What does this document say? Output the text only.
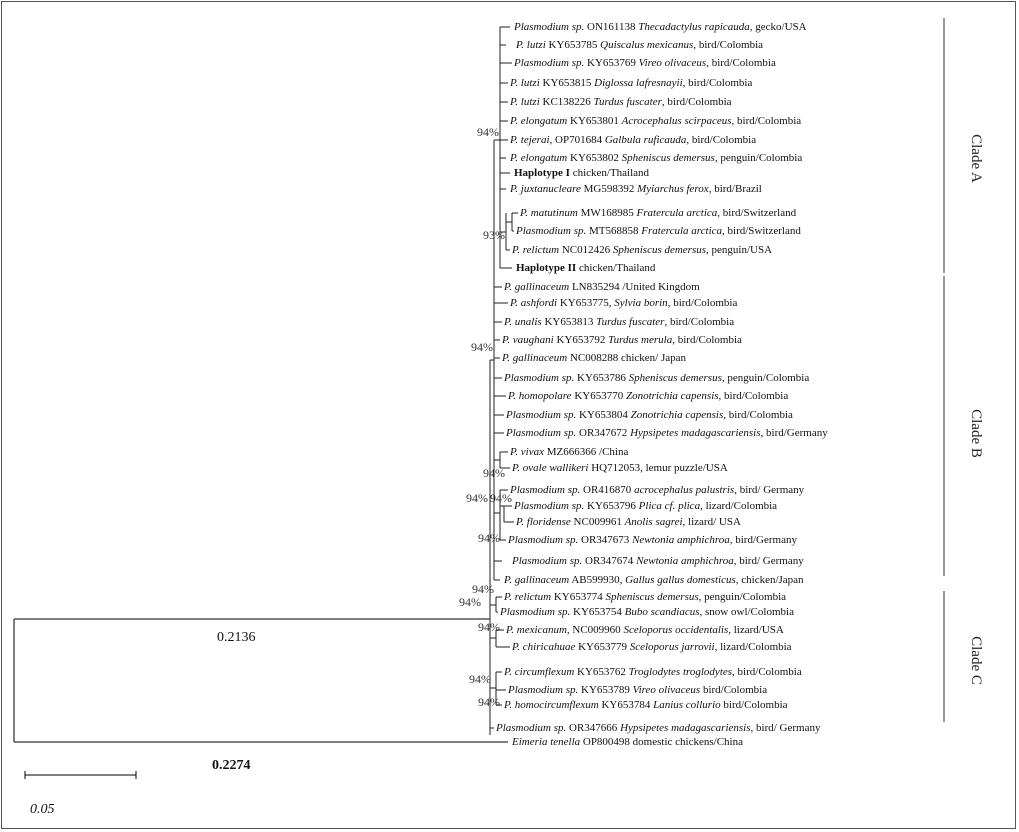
Plasmodium sp. ON161138 Thecadactylus rapicauda, gecko/USA
P. lutzi KY653785 Quiscalus mexicanus, bird/Colombia
Plasmodium sp. KY653769 Vireo olivaceus, bird/Colombia
P. lutzi KY653815 Diglossa lafresnayii, bird/Colombia
P. lutzi KC138226 Turdus fuscater, bird/Colombia
P. elongatum KY653801 Acrocephalus scirpaceus, bird/Colombia
P. tejerai, OP701684 Galbula ruficauda, bird/Colombia
P. elongatum KY653802 Spheniscus demersus, penguin/Colombia
Haplotype I chicken/Thailand
P. juxtanucleare MG598392 Myiarchus ferox, bird/Brazil
P. matutinum MW168985 Fratercula arctica, bird/Switzerland
Plasmodium sp. MT568858 Fratercula arctica, bird/Switzerland
P. relictum NC012426 Spheniscus demersus, penguin/USA
Haplotype II chicken/Thailand
P. gallinaceum LN835294 /United Kingdom
P. ashfordi KY653775, Sylvia borin, bird/Colombia
P. unalis KY653813 Turdus fuscater, bird/Colombia
P. vaughani KY653792 Turdus merula, bird/Colombia
P. gallinaceum NC008288 chicken/ Japan
Plasmodium sp. KY653786 Spheniscus demersus, penguin/Colombia
P. homopolare KY653770 Zonotrichia capensis, bird/Colombia
Plasmodium sp. KY653804 Zonotrichia capensis, bird/Colombia
Plasmodium sp. OR347672 Hypsipetes madagascariensis, bird/Germany
P. vivax MZ666366 /China
P. ovale wallikeri HQ712053, lemur puzzle/USA
Plasmodium sp. OR416870 acrocephalus palustris, bird/ Germany
Plasmodium sp. KY653796 Plica cf. plica, lizard/Colombia
P. floridense NC009961 Anolis sagrei, lizard/ USA
Plasmodium sp. OR347673 Newtonia amphichroa, bird/Germany
Plasmodium sp. OR347674 Newtonia amphichroa, bird/ Germany
P. gallinaceum AB599930, Gallus gallus domesticus, chicken/Japan
P. relictum KY653774 Spheniscus demersus, penguin/Colombia
Plasmodium sp. KY653754 Bubo scandiacus, snow owl/Colombia
P. mexicanum, NC009960 Sceloporus occidentalis, lizard/USA
P. chiricahuae KY653779 Sceloporus jarrovii, lizard/Colombia
P. circumflexum KY653762 Troglodytes troglodytes, bird/Colombia
Plasmodium sp. KY653789 Vireo olivaceus bird/Colombia
P. homocircumflexum KY653784 Lanius collurio bird/Colombia
Plasmodium sp. OR347666 Hypsipetes madagascariensis, bird/ Germany
Eimeria tenella OP800498 domestic chickens/China
94%
93%
94%
94%
94% 94%
94%
94%
94%
94%
94%
94%
Clade A
Clade B
Clade C
0.2136
0.2274
0.05
